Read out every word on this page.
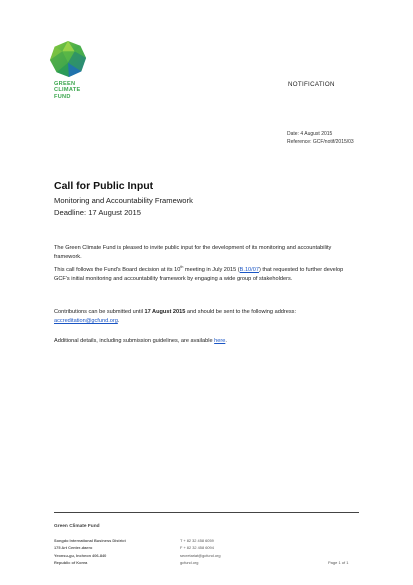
GREEN
CLIMATE
FUND
NOTIFICATION
Date: 4 August 2015
Reference: GCF/notif/2015/03
Call for Public Input
Monitoring and Accountability Framework
Deadline: 17 August 2015
The Green Climate Fund is pleased to invite public input for the development of its monitoring and accountability framework.
This call follows the Fund's Board decision at its 10th meeting in July 2015 (B.10/07) that requested to further develop GCF's initial monitoring and accountability framework by engaging a wide group of stakeholders.
Contributions can be submitted until 17 August 2015 and should be sent to the following address: accreditation@gcfund.org.
Additional details, including submission guidelines, are available here.
Green Climate Fund
Songdo International Business District
175 Art Center-daero
Yeonsu-gu, Incheon 406-840
Republic of Korea
T + 82 32 458 6059
F + 82 32 458 6094
secretariat@gcfund.org
gcfund.org	Page 1 of 1
